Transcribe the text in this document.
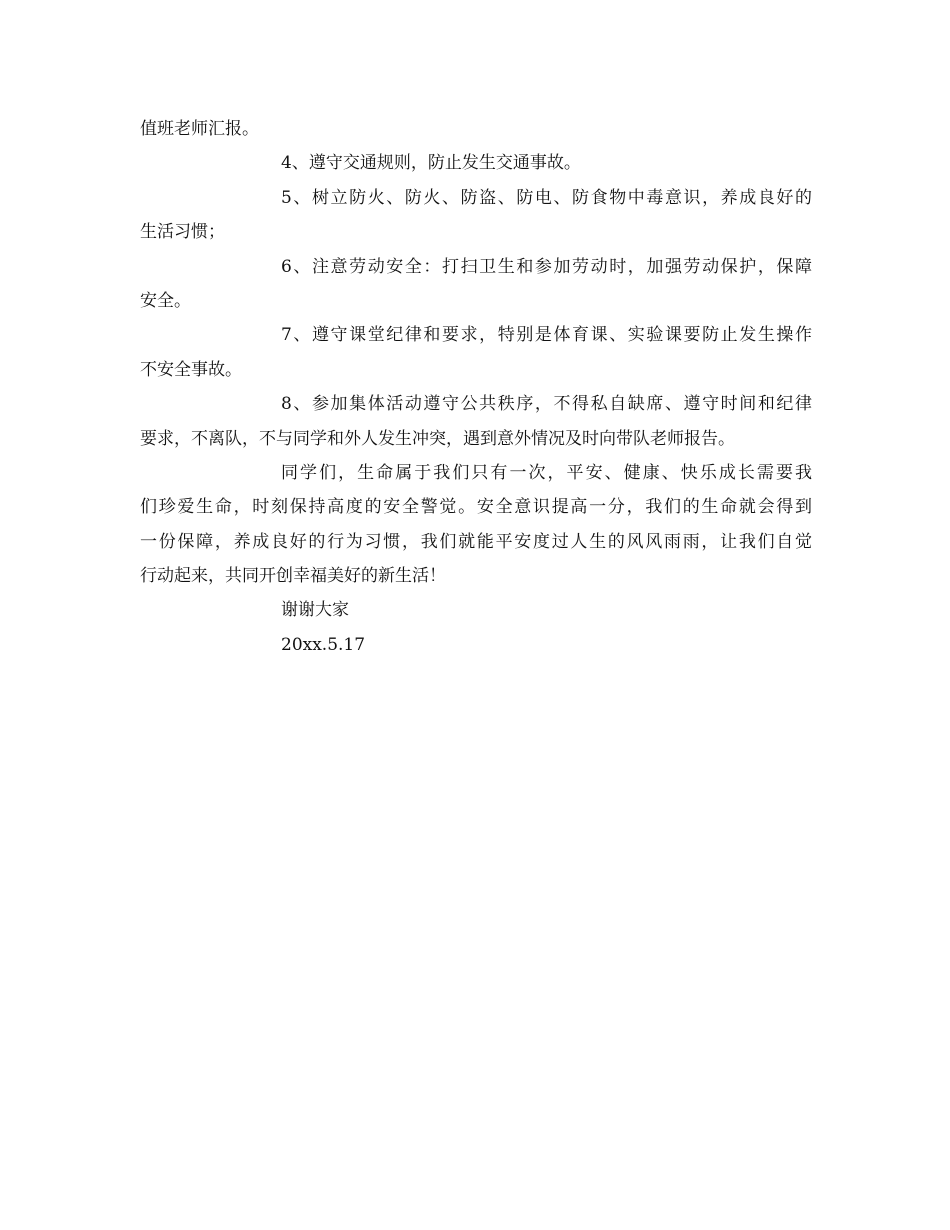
值班老师汇报。
4、遵守交通规则，防止发生交通事故。
5、树立防火、防火、防盗、防电、防食物中毒意识，养成良好的
生活习惯；
6、注意劳动安全：打扫卫生和参加劳动时，加强劳动保护，保障
安全。
7、遵守课堂纪律和要求，特别是体育课、实验课要防止发生操作
不安全事故。
8、参加集体活动遵守公共秩序，不得私自缺席、遵守时间和纪律
要求，不离队，不与同学和外人发生冲突，遇到意外情况及时向带队老师报告。
同学们，生命属于我们只有一次，平安、健康、快乐成长需要我
们珍爱生命，时刻保持高度的安全警觉。安全意识提高一分，我们的生命就会得到
一份保障，养成良好的行为习惯，我们就能平安度过人生的风风雨雨，让我们自觉
行动起来，共同开创幸福美好的新生活！
谢谢大家
20xx.5.17
